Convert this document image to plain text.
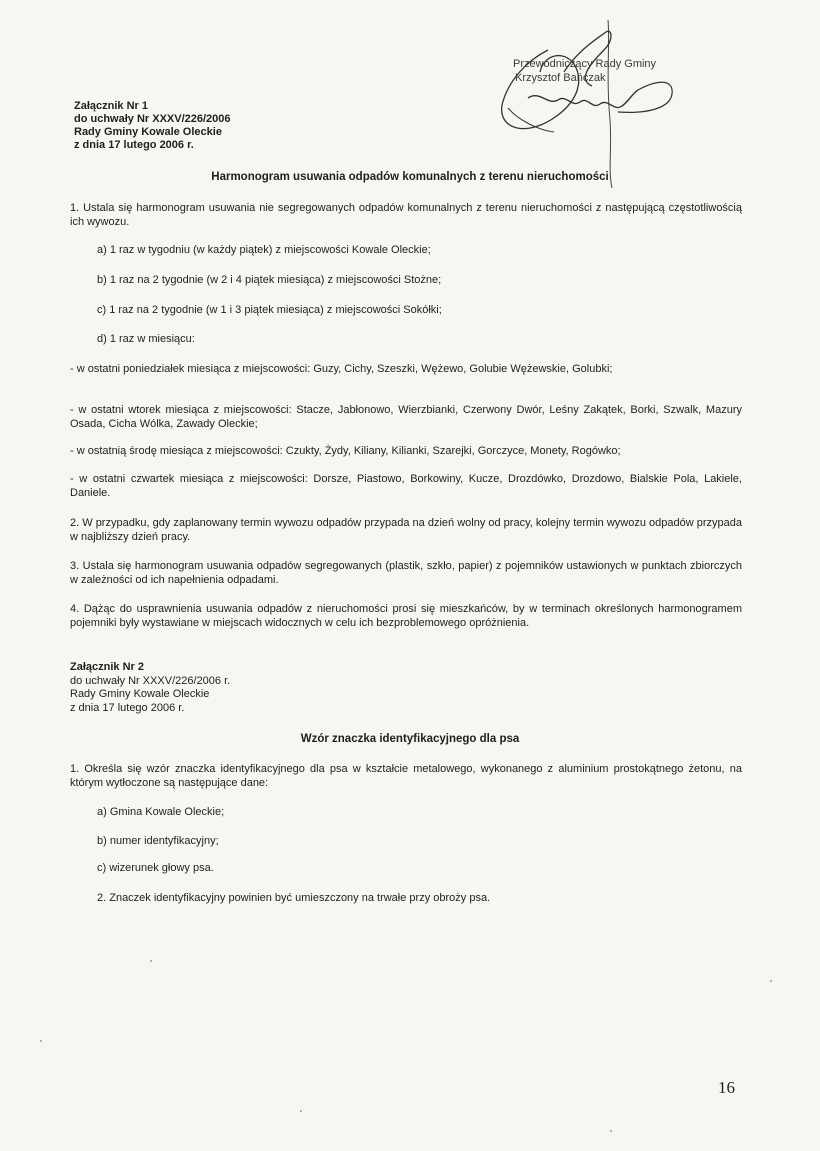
Przewodniczący Rady Gminy
Krzysztof Bańczak
Załącznik Nr 1
do uchwały Nr XXXV/226/2006
Rady Gminy Kowale Oleckie
z dnia 17 lutego 2006 r.
Harmonogram usuwania odpadów komunalnych z terenu nieruchomości
1. Ustala się harmonogram usuwania nie segregowanych odpadów komunalnych z terenu nieruchomości z następującą częstotliwością ich wywozu.
a) 1 raz w tygodniu (w każdy piątek) z miejscowości Kowale Oleckie;
b) 1 raz na 2 tygodnie (w 2 i 4 piątek miesiąca) z miejscowości Stożne;
c) 1 raz na 2 tygodnie (w 1 i 3 piątek miesiąca) z miejscowości Sokółki;
d) 1 raz w miesiącu:
- w ostatni poniedziałek miesiąca z miejscowości: Guzy, Cichy, Szeszki, Wężewo, Golubie Wężewskie, Golubki;
- w ostatni wtorek miesiąca z miejscowości: Stacze, Jabłonowo, Wierzbianki, Czerwony Dwór, Leśny Zakątek, Borki, Szwalk, Mazury Osada, Cicha Wólka, Zawady Oleckie;
- w ostatnią środę miesiąca z miejscowości: Czukty, Żydy, Kiliany, Kilianki, Szarejki, Gorczyce, Monety, Rogówko;
- w ostatni czwartek miesiąca z miejscowości: Dorsze, Piastowo, Borkowiny, Kucze, Drozdówko, Drozdowo, Bialskie Pola, Lakiele, Daniele.
2. W przypadku, gdy zaplanowany termin wywozu odpadów przypada na dzień wolny od pracy, kolejny termin wywozu odpadów przypada w najbliższy dzień pracy.
3. Ustala się harmonogram usuwania odpadów segregowanych (plastik, szkło, papier) z pojemników ustawionych w punktach zbiorczych w zależności od ich napełnienia odpadami.
4. Dążąc do usprawnienia usuwania odpadów z nieruchomości prosi się mieszkańców, by w terminach określonych harmonogramem pojemniki były wystawiane w miejscach widocznych w celu ich bezproblemowego opróżnienia.
Załącznik Nr 2
do uchwały Nr XXXV/226/2006 r.
Rady Gminy Kowale Oleckie
z dnia 17 lutego 2006 r.
Wzór znaczka identyfikacyjnego dla psa
1. Określa się wzór znaczka identyfikacyjnego dla psa w kształcie metalowego, wykonanego z aluminium prostokątnego żetonu, na którym wytłoczone są następujące dane:
a) Gmina Kowale Oleckie;
b) numer identyfikacyjny;
c) wizerunek głowy psa.
2. Znaczek identyfikacyjny powinien być umieszczony na trwałe przy obroży psa.
16
